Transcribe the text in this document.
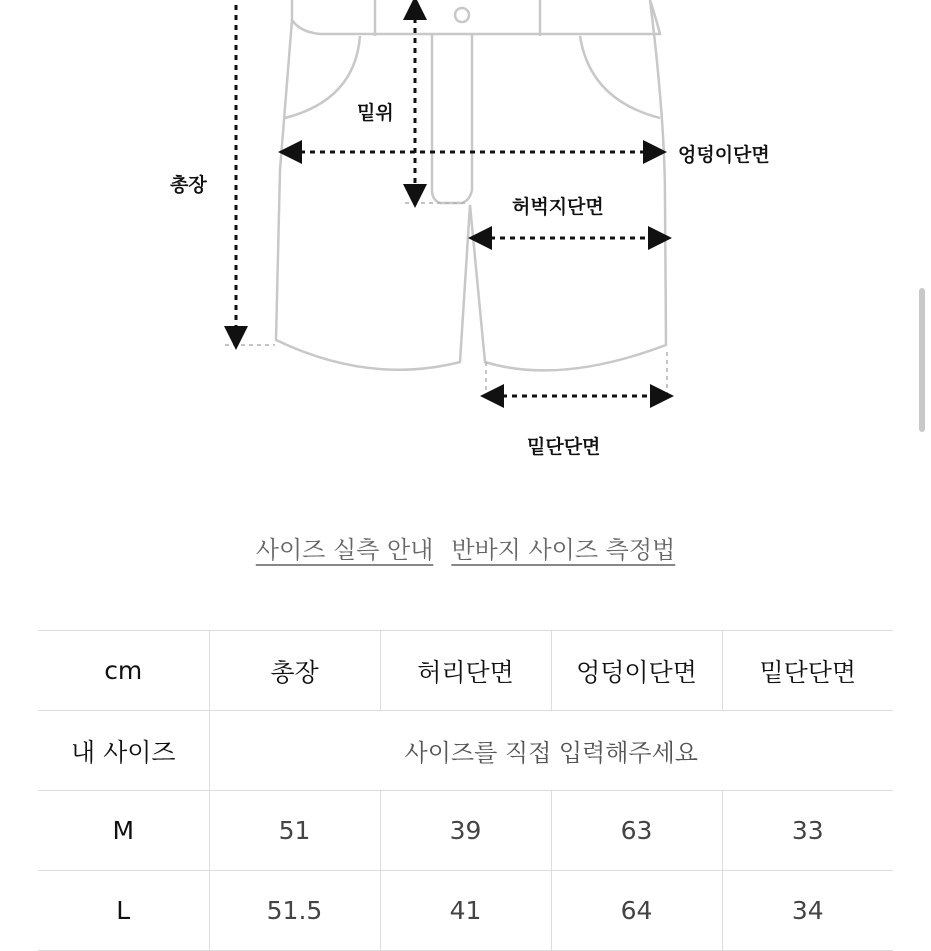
밑위
총장
엉덩이단면
허벅지단면
밑단단면
사이즈 실측 안내 반바지 사이즈 측정법
cm	총장	허리단면	엉덩이단면	밑단단면
내 사이즈	사이즈를 직접 입력해주세요			
M	51	39	63	33
L	51.5	41	64	34
